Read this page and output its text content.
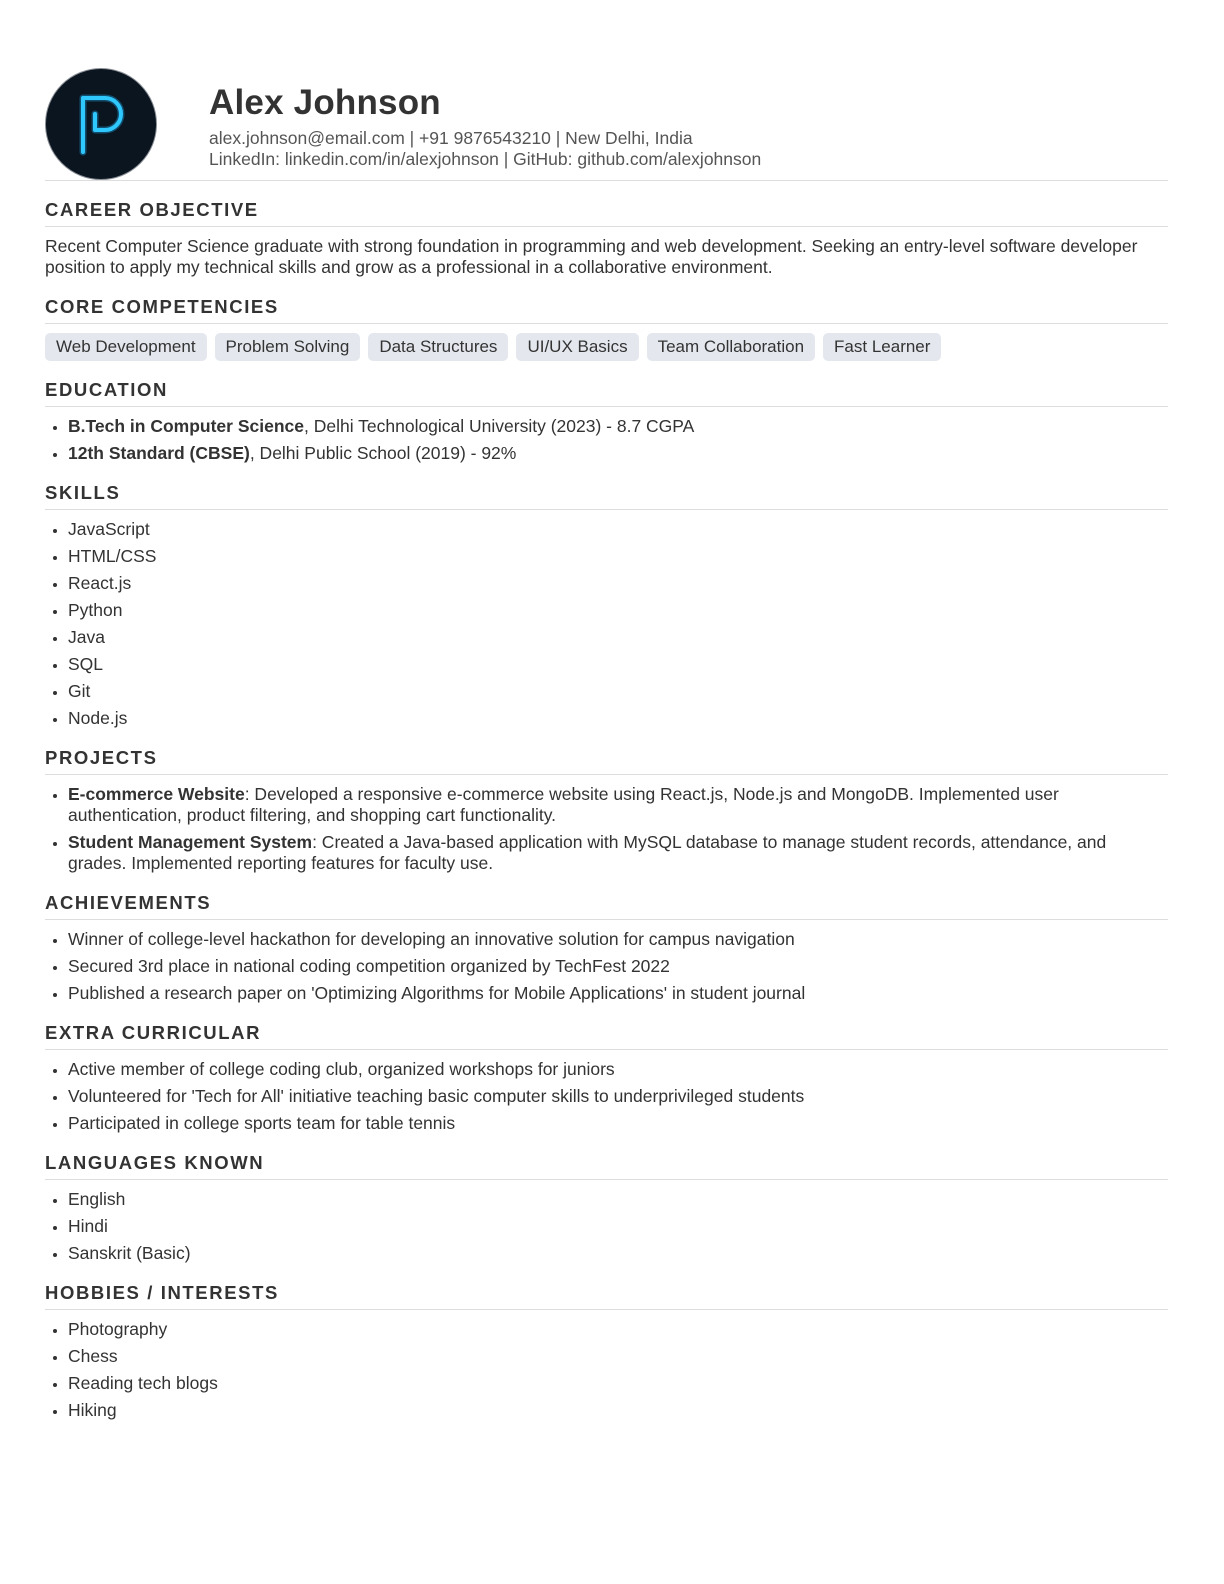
Alex Johnson
alex.johnson@email.com | +91 9876543210 | New Delhi, India
LinkedIn: linkedin.com/in/alexjohnson | GitHub: github.com/alexjohnson
CAREER OBJECTIVE

Recent Computer Science graduate with strong foundation in programming and web development. Seeking an entry-level software developer position to apply my technical skills and grow as a professional in a collaborative environment.

CORE COMPETENCIES
Web Development	Problem Solving	Data Structures	UI/UX Basics	Team Collaboration	Fast Learner
EDUCATION
• B.Tech in Computer Science, Delhi Technological University (2023) - 8.7 CGPA
• 12th Standard (CBSE), Delhi Public School (2019) - 92%
SKILLS
• JavaScript
• HTML/CSS
• React.js
• Python
• Java
• SQL
• Git
• Node.js
PROJECTS
• E-commerce Website: Developed a responsive e-commerce website using React.js, Node.js and MongoDB. Implemented user authentication, product filtering, and shopping cart functionality.
• Student Management System: Created a Java-based application with MySQL database to manage student records, attendance, and grades. Implemented reporting features for faculty use.
ACHIEVEMENTS
• Winner of college-level hackathon for developing an innovative solution for campus navigation
• Secured 3rd place in national coding competition organized by TechFest 2022
• Published a research paper on 'Optimizing Algorithms for Mobile Applications' in student journal
EXTRA CURRICULAR
• Active member of college coding club, organized workshops for juniors
• Volunteered for 'Tech for All' initiative teaching basic computer skills to underprivileged students
• Participated in college sports team for table tennis
LANGUAGES KNOWN
• English
• Hindi
• Sanskrit (Basic)
HOBBIES / INTERESTS
• Photography
• Chess
• Reading tech blogs
• Hiking
